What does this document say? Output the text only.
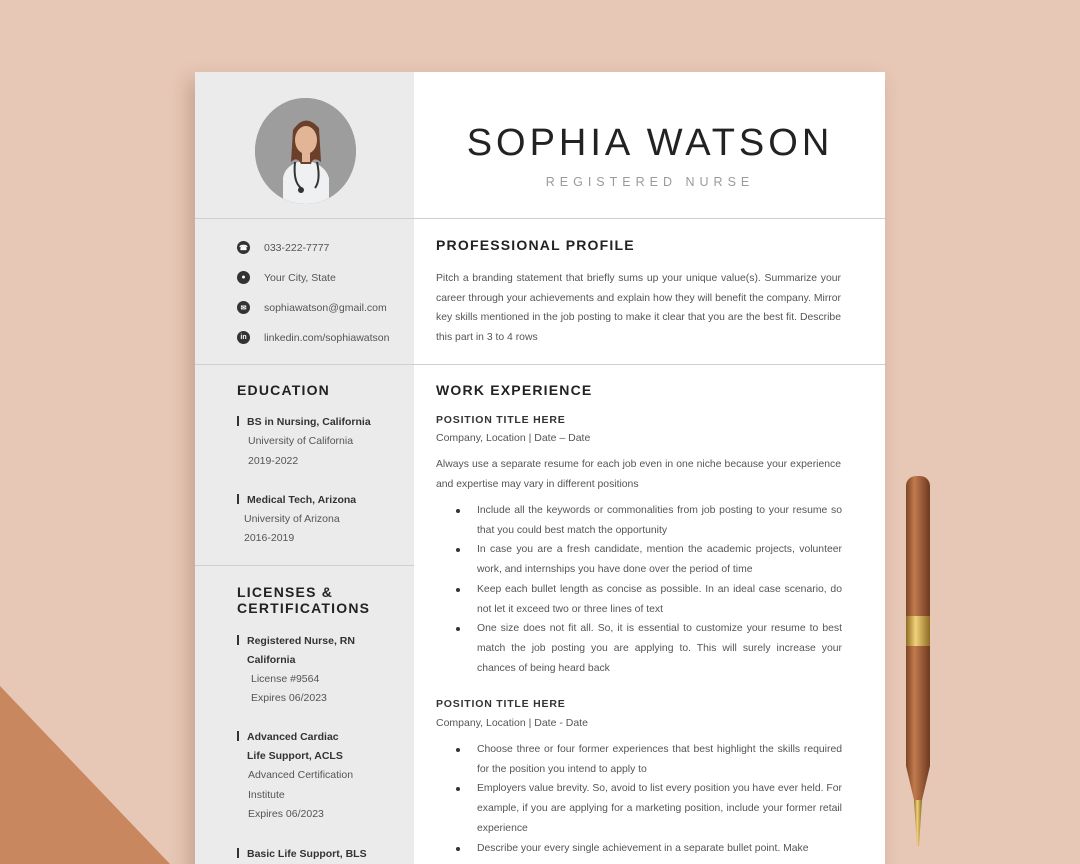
SOPHIA WATSON
REGISTERED NURSE
☎ 033-222-7777
●	Your City, State
✉	sophiawatson@gmail.com
in	linkedin.com/sophiawatson
PROFESSIONAL PROFILE
Pitch a branding statement that briefly sums up your unique value(s). Summarize your career through your achievements and explain how they will benefit the company. Mirror key skills mentioned in the job posting to make it clear that you are the best fit. Describe this part in 3 to 4 rows
EDUCATION
BS in Nursing, California
University of California
2019-2022
Medical Tech, Arizona
University of Arizona
2016-2019
LICENSES &
CERTIFICATIONS
Registered Nurse, RN
California
License #9564
Expires 06/2023
Advanced Cardiac
Life Support, ACLS
Advanced Certification
Institute
Expires 06/2023
Basic Life Support, BLS
WORK EXPERIENCE
POSITION TITLE HERE
Company, Location | Date – Date
Always use a separate resume for each job even in one niche because your experience and expertise may vary in different positions
Include all the keywords or commonalities from job posting to your resume so that you could best match the opportunity
In case you are a fresh candidate, mention the academic projects, volunteer work, and internships you have done over the period of time
Keep each bullet length as concise as possible. In an ideal case scenario, do not let it exceed two or three lines of text
One size does not fit all. So, it is essential to customize your resume to best match the job posting you are applying to. This will surely increase your chances of being heard back
POSITION TITLE HERE
Company, Location | Date - Date
Choose three or four former experiences that best highlight the skills required for the position you intend to apply to
Employers value brevity. So, avoid to list every position you have ever held. For example, if you are applying for a marketing position, include your former retail experience
Describe your every single achievement in a separate bullet point. Make
